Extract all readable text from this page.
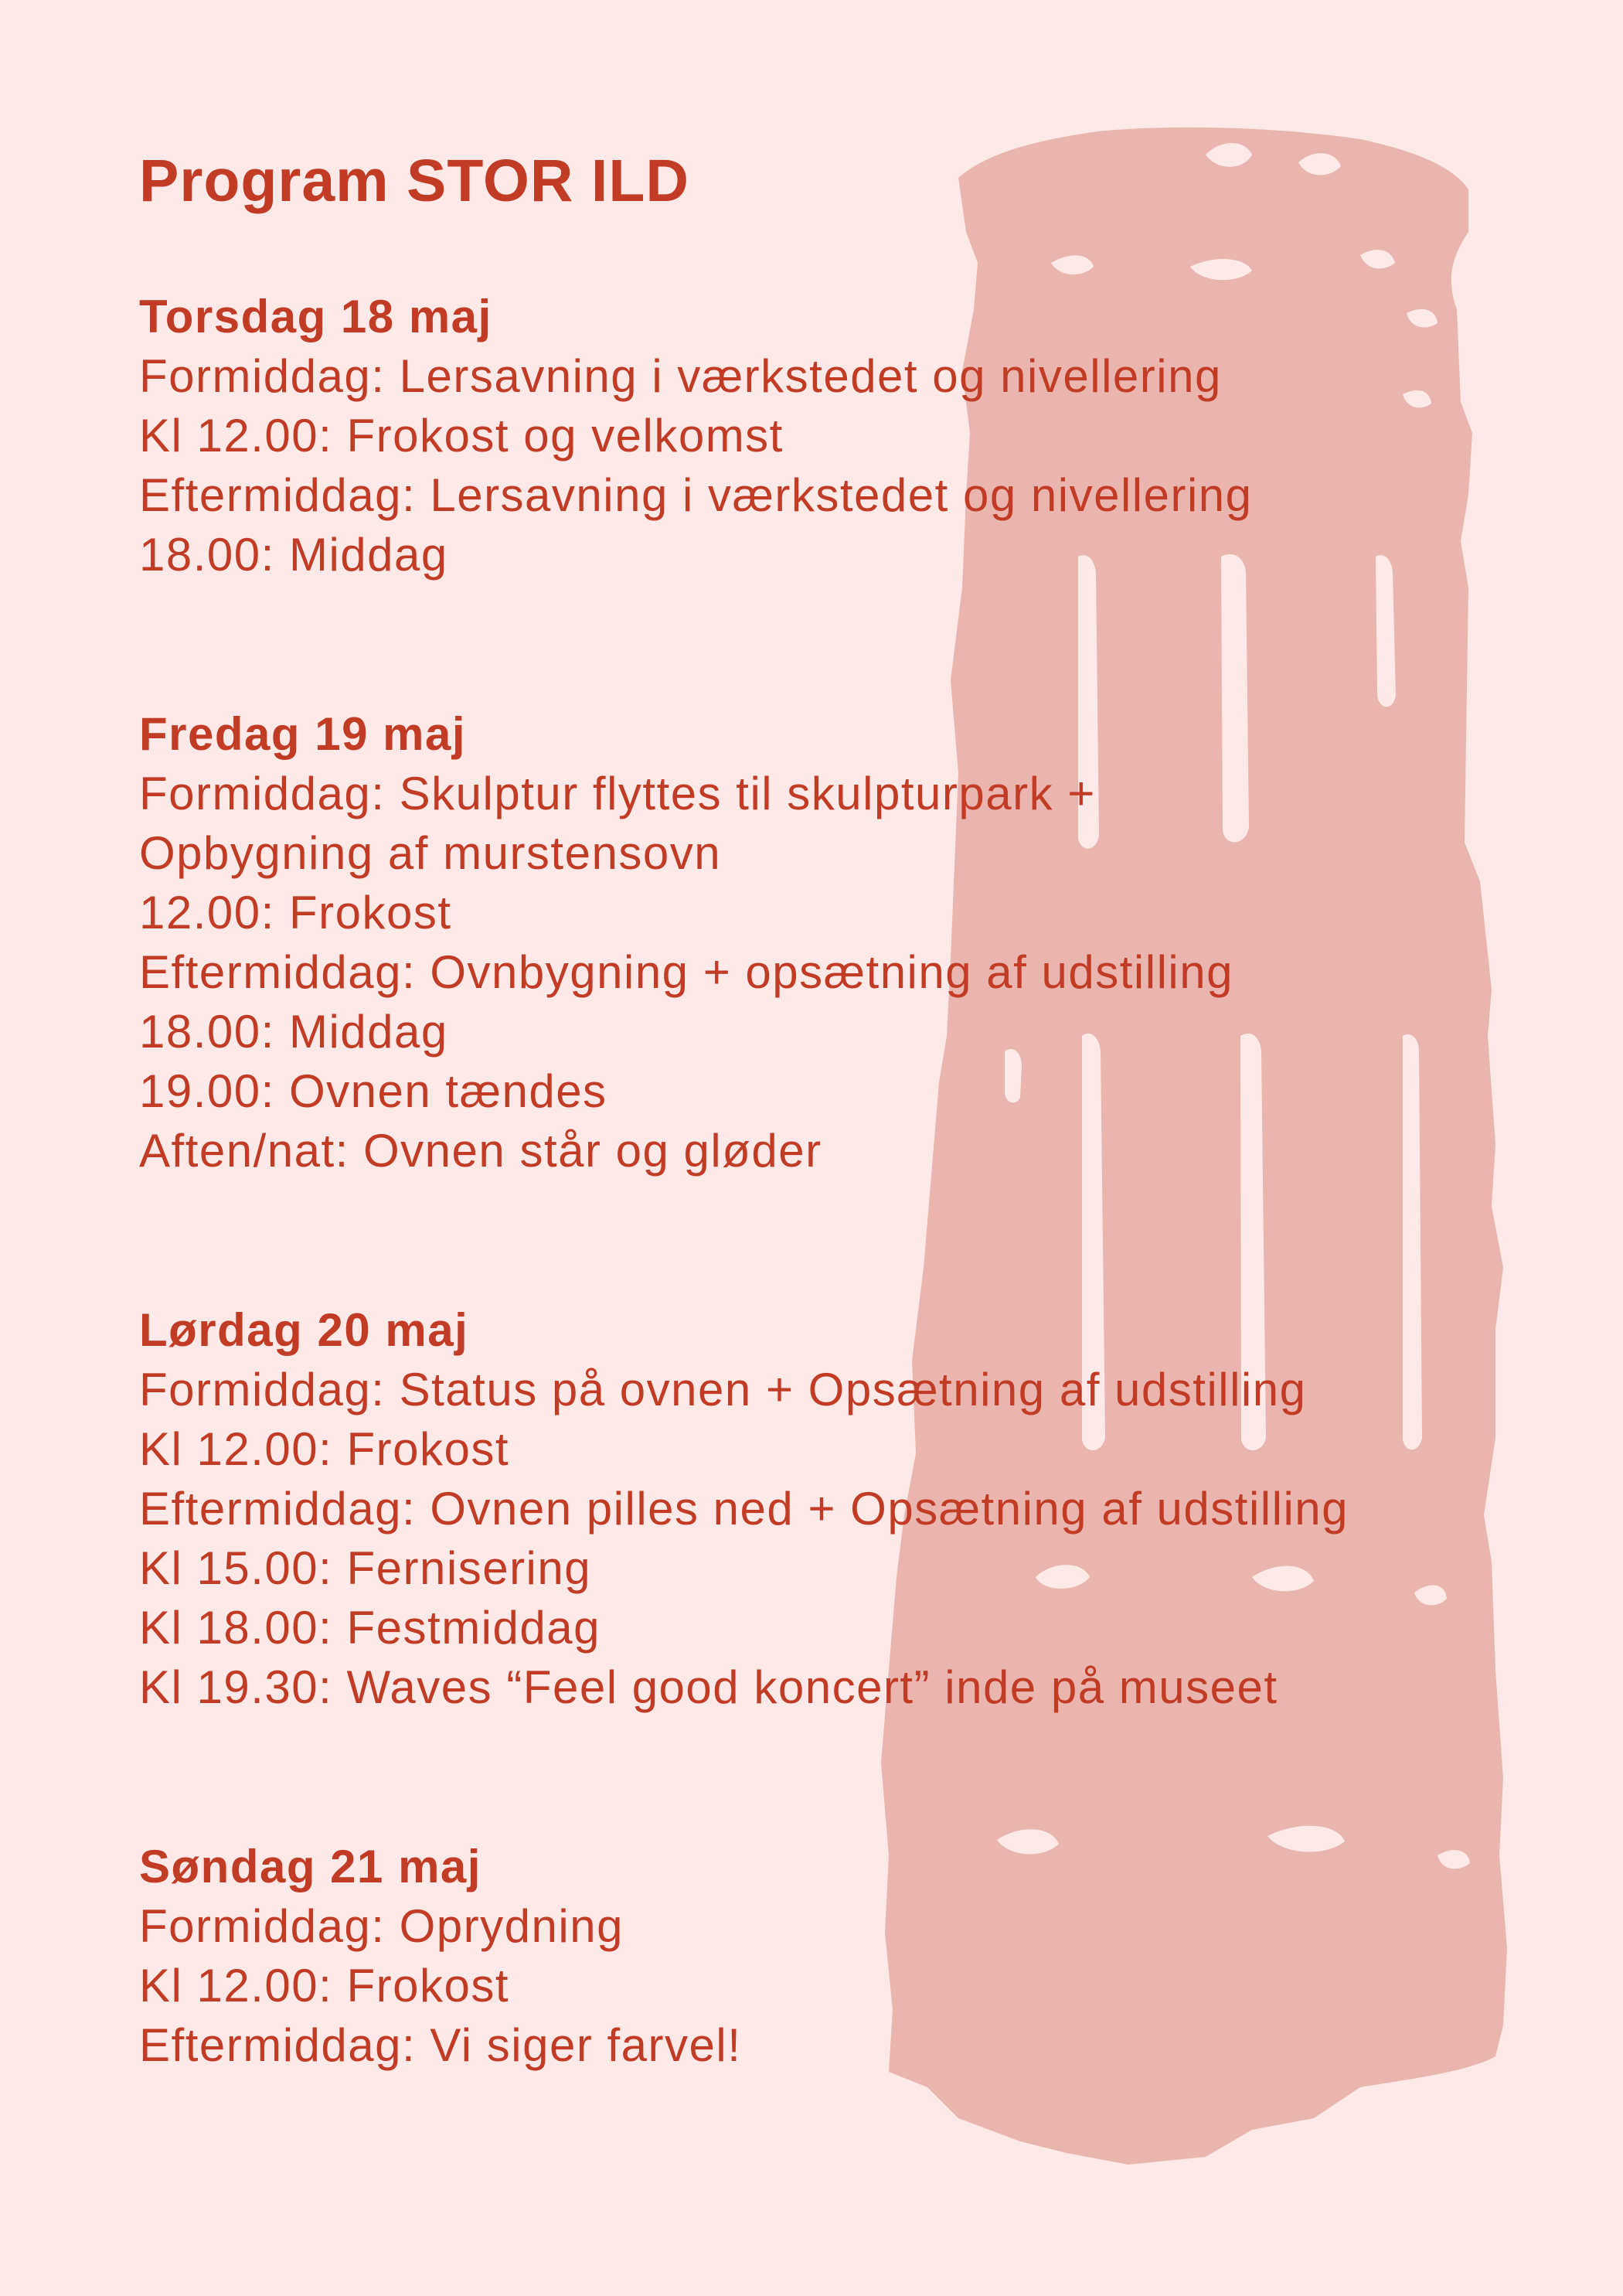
Program STOR ILD
Torsdag 18 maj
Formiddag: Lersavning i værkstedet og nivellering
Kl 12.00: Frokost og velkomst
Eftermiddag: Lersavning i værkstedet og nivellering
18.00: Middag
Fredag 19 maj
Formiddag: Skulptur flyttes til skulpturpark +
Opbygning af murstensovn
12.00: Frokost
Eftermiddag: Ovnbygning + opsætning af udstilling
18.00: Middag
19.00: Ovnen tændes
Aften/nat: Ovnen står og gløder
Lørdag 20 maj
Formiddag: Status på ovnen + Opsætning af udstilling
Kl 12.00: Frokost
Eftermiddag: Ovnen pilles ned + Opsætning af udstilling
Kl 15.00: Fernisering
Kl 18.00: Festmiddag
Kl 19.30: Waves “Feel good koncert” inde på museet
Søndag 21 maj
Formiddag: Oprydning
Kl 12.00: Frokost
Eftermiddag: Vi siger farvel!
